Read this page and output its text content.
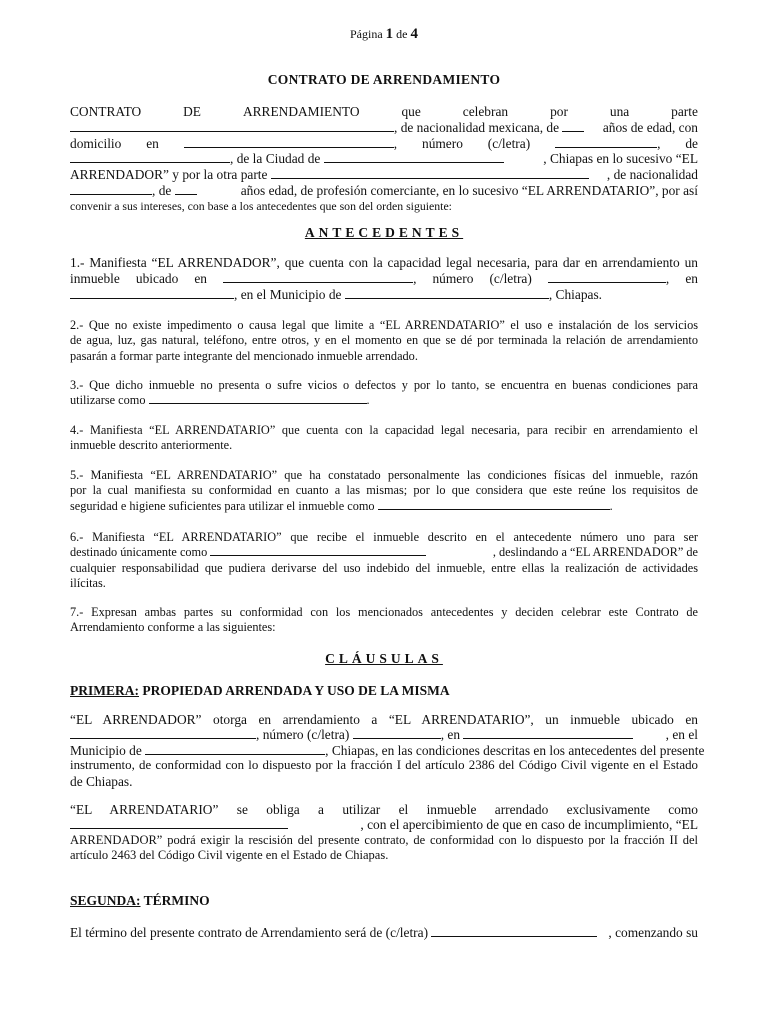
Página 1 de 4
CONTRATO DE ARRENDAMIENTO
CONTRATO	DE	ARRENDAMIENTO	que	celebran	por	una	parte
, de nacionalidad mexicana, de	años de edad, con
domicilio en	, número (c/letra)	, de
, de la Ciudad de	, Chiapas en lo sucesivo “EL
ARRENDADOR” y por la otra parte	, de nacionalidad
, de	años edad, de profesión comerciante, en lo sucesivo “EL ARRENDATARIO”, por así
convenir a sus intereses, con base a los antecedentes que son del orden siguiente:
ANTECEDENTES
1.- Manifiesta “EL ARRENDADOR”, que cuenta con la capacidad legal necesaria, para dar en arrendamiento un
inmueble ubicado en	, número (c/letra)	, en
, en el Municipio de	, Chiapas.
2.- Que no existe impedimento o causa legal que limite a “EL ARRENDATARIO” el uso e instalación de los servicios
de agua, luz, gas natural, teléfono, entre otros, y en el momento en que se dé por terminada la relación de arrendamiento
pasarán a formar parte integrante del mencionado inmueble arrendado.
3.- Que dicho inmueble no presenta o sufre vicios o defectos y por lo tanto, se encuentra en buenas condiciones para
utilizarse como	.
4.- Manifiesta “EL ARRENDATARIO” que cuenta con la capacidad legal necesaria, para recibir en arrendamiento el
inmueble descrito anteriormente.
5.- Manifiesta “EL ARRENDATARIO” que ha constatado personalmente las condiciones físicas del inmueble, razón
por la cual manifiesta su conformidad en cuanto a las mismas; por lo que considera que este reúne los requisitos de
seguridad e higiene suficientes para utilizar el inmueble como	.
6.- Manifiesta “EL ARRENDATARIO” que recibe el inmueble descrito en el antecedente número uno para ser
destinado únicamente como	, deslindando a “EL ARRENDADOR” de
cualquier responsabilidad que pudiera derivarse del uso indebido del inmueble, entre ellas la realización de actividades
ilícitas.
7.- Expresan ambas partes su conformidad con los mencionados antecedentes y deciden celebrar este Contrato de
Arrendamiento conforme a las siguientes:
CLÁUSULAS
PRIMERA: PROPIEDAD ARRENDADA Y USO DE LA MISMA
“EL ARRENDADOR” otorga en arrendamiento a “EL ARRENDATARIO”, un inmueble ubicado en
, número (c/letra)	, en	, en el
Municipio de	, Chiapas, en las condiciones descritas en los antecedentes del presente
instrumento, de conformidad con lo dispuesto por la fracción I del artículo 2386 del Código Civil vigente en el Estado
de Chiapas.
“EL ARRENDATARIO” se obliga a utilizar el inmueble arrendado exclusivamente como
, con el apercibimiento de que en caso de incumplimiento, “EL
ARRENDADOR” podrá exigir la rescisión del presente contrato, de conformidad con lo dispuesto por la fracción II del
artículo 2463 del Código Civil vigente en el Estado de Chiapas.
SEGUNDA: TÉRMINO
El término del presente contrato de Arrendamiento será de (c/letra)	, comenzando su
